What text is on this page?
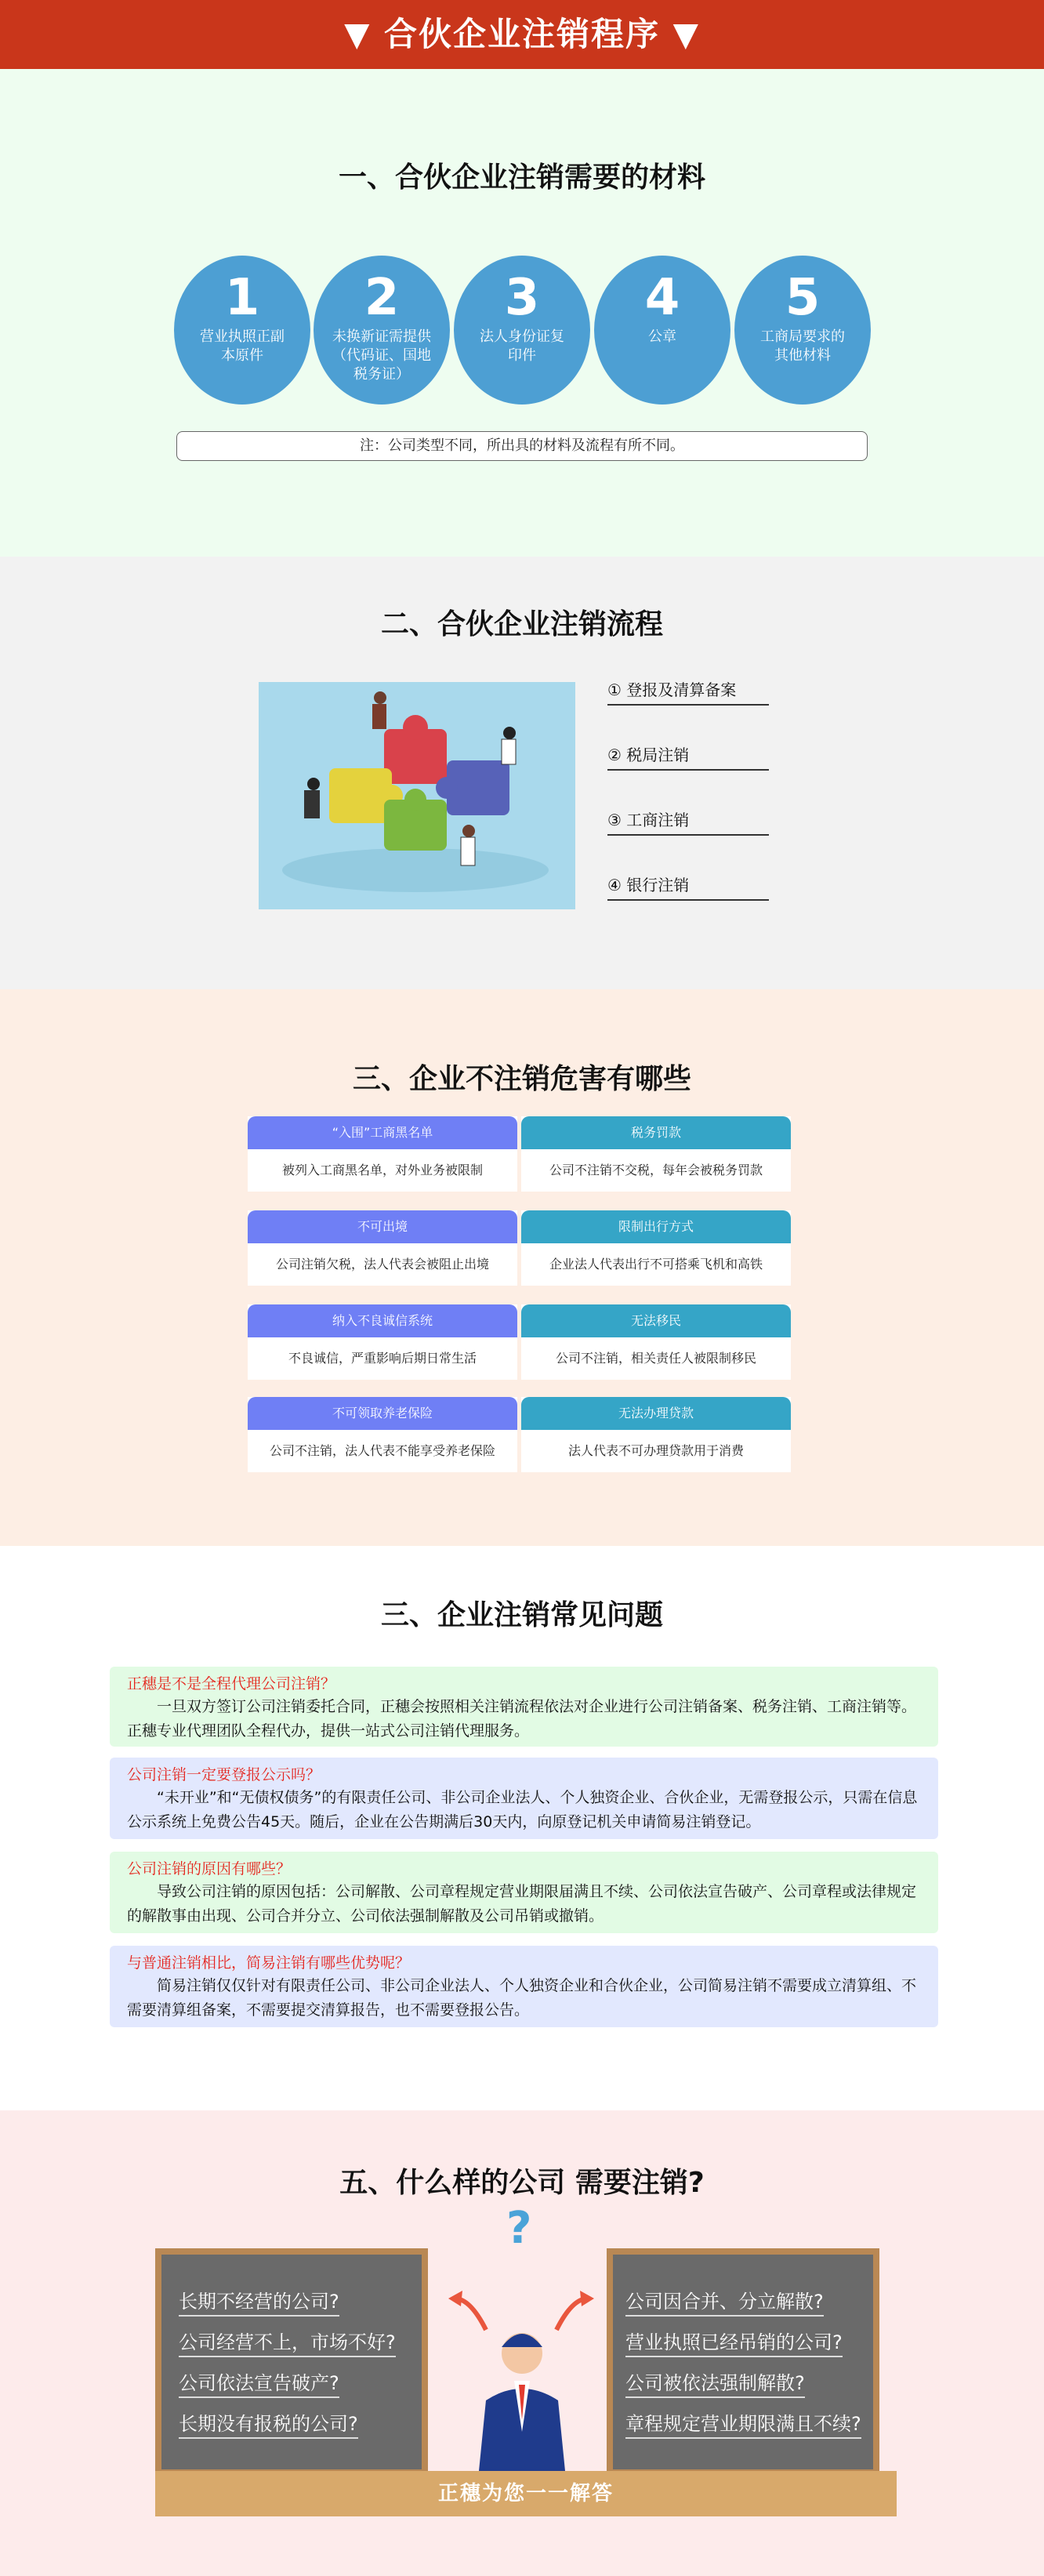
▼ 合伙企业注销程序 ▼
一、合伙企业注销需要的材料
1
营业执照正副本原件
2
未换新证需提供（代码证、国地税务证）
3
法人身份证复印件
4
公章
5
工商局要求的其他材料
注：公司类型不同，所出具的材料及流程有所不同。
二、合伙企业注销流程
① 登报及清算备案
② 税局注销
③ 工商注销
④ 银行注销
三、企业不注销危害有哪些
“入围”工商黑名单
被列入工商黑名单，对外业务被限制
税务罚款
公司不注销不交税，每年会被税务罚款
不可出境
公司注销欠税，法人代表会被阻止出境
限制出行方式
企业法人代表出行不可搭乘飞机和高铁
纳入不良诚信系统
不良诚信，严重影响后期日常生活
无法移民
公司不注销，相关责任人被限制移民
不可领取养老保险
公司不注销，法人代表不能享受养老保险
无法办理贷款
法人代表不可办理贷款用于消费
三、企业注销常见问题
正穗是不是全程代理公司注销？
一旦双方签订公司注销委托合同，正穗会按照相关注销流程依法对企业进行公司注销备案、税务注销、工商注销等。正穗专业代理团队全程代办，提供一站式公司注销代理服务。
公司注销一定要登报公示吗？
“未开业”和“无债权债务”的有限责任公司、非公司企业法人、个人独资企业、合伙企业，无需登报公示，只需在信息公示系统上免费公告45天。随后，企业在公告期满后30天内，向原登记机关申请简易注销登记。
公司注销的原因有哪些？
导致公司注销的原因包括：公司解散、公司章程规定营业期限届满且不续、公司依法宣告破产、公司章程或法律规定的解散事由出现、公司合并分立、公司依法强制解散及公司吊销或撤销。
与普通注销相比，简易注销有哪些优势呢？
简易注销仅仅针对有限责任公司、非公司企业法人、个人独资企业和合伙企业，公司简易注销不需要成立清算组、不需要清算组备案，不需要提交清算报告，也不需要登报公告。
五、什么样的公司 需要注销?
长期不经营的公司?
公司经营不上，市场不好?
公司依法宣告破产?
长期没有报税的公司?
公司因合并、分立解散?
营业执照已经吊销的公司?
公司被依法强制解散?
章程规定营业期限满且不续?
?
正穗为您一一解答
